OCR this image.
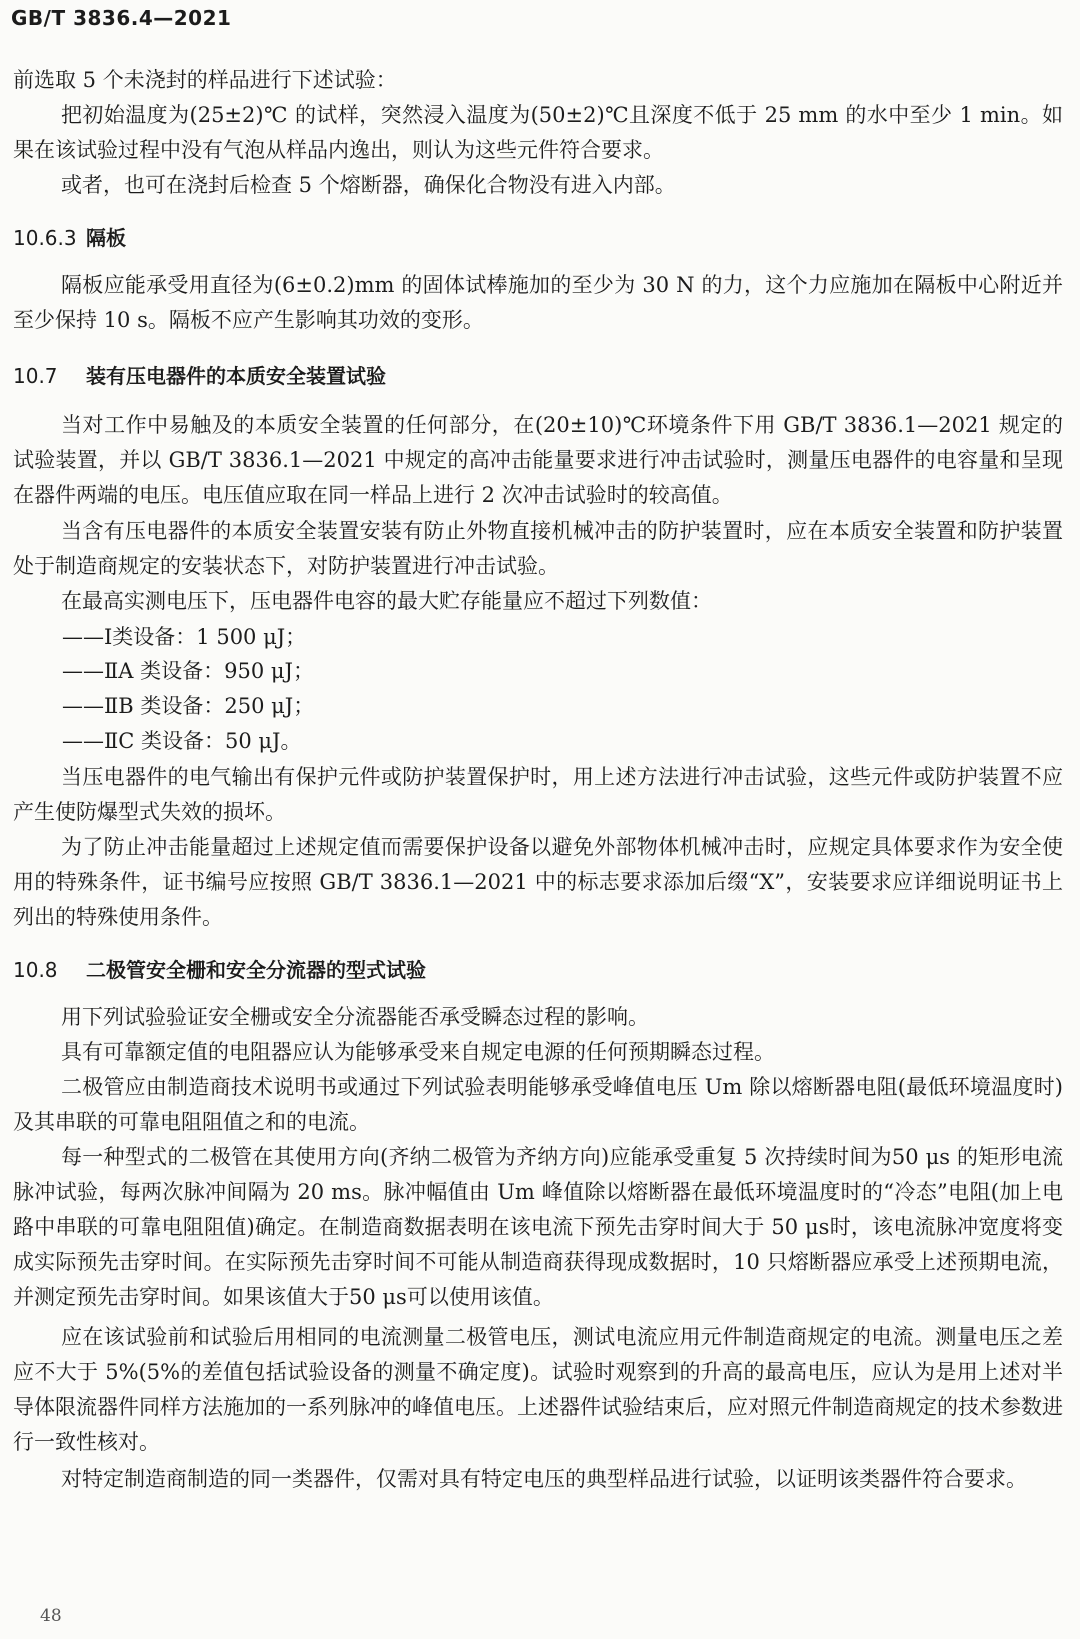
GB/T 3836.4—2021

前选取 5 个未浇封的样品进行下述试验：

把初始温度为(25±2)℃ 的试样，突然浸入温度为(50±2)℃且深度不低于 25 mm 的水中至少 1 min。如果在该试验过程中没有气泡从样品内逸出，则认为这些元件符合要求。

或者，也可在浇封后检查 5 个熔断器，确保化合物没有进入内部。

10.6.3 隔板

隔板应能承受用直径为(6±0.2)mm 的固体试棒施加的至少为 30 N 的力，这个力应施加在隔板中心附近并至少保持 10 s。隔板不应产生影响其功效的变形。

10.7 装有压电器件的本质安全装置试验

当对工作中易触及的本质安全装置的任何部分，在(20±10)℃环境条件下用 GB/T 3836.1—2021 规定的试验装置，并以 GB/T 3836.1—2021 中规定的高冲击能量要求进行冲击试验时，测量压电器件的电容量和呈现在器件两端的电压。电压值应取在同一样品上进行 2 次冲击试验时的较高值。

当含有压电器件的本质安全装置安装有防止外物直接机械冲击的防护装置时，应在本质安全装置和防护装置处于制造商规定的安装状态下，对防护装置进行冲击试验。

在最高实测电压下，压电器件电容的最大贮存能量应不超过下列数值：

——Ⅰ类设备：1 500 μJ；
——ⅡA 类设备：950 μJ；
——ⅡB 类设备：250 μJ；
——ⅡC 类设备：50 μJ。

当压电器件的电气输出有保护元件或防护装置保护时，用上述方法进行冲击试验，这些元件或防护装置不应产生使防爆型式失效的损坏。

为了防止冲击能量超过上述规定值而需要保护设备以避免外部物体机械冲击时，应规定具体要求作为安全使用的特殊条件，证书编号应按照 GB/T 3836.1—2021 中的标志要求添加后缀“X”，安装要求应详细说明证书上列出的特殊使用条件。

10.8 二极管安全栅和安全分流器的型式试验

用下列试验验证安全栅或安全分流器能否承受瞬态过程的影响。

具有可靠额定值的电阻器应认为能够承受来自规定电源的任何预期瞬态过程。

二极管应由制造商技术说明书或通过下列试验表明能够承受峰值电压 Um 除以熔断器电阻(最低环境温度时)及其串联的可靠电阻阻值之和的电流。

每一种型式的二极管在其使用方向(齐纳二极管为齐纳方向)应能承受重复 5 次持续时间为50 μs 的矩形电流脉冲试验，每两次脉冲间隔为 20 ms。脉冲幅值由 Um 峰值除以熔断器在最低环境温度时的“冷态”电阻(加上电路中串联的可靠电阻阻值)确定。在制造商数据表明在该电流下预先击穿时间大于 50 μs时，该电流脉冲宽度将变成实际预先击穿时间。在实际预先击穿时间不可能从制造商获得现成数据时，10 只熔断器应承受上述预期电流，并测定预先击穿时间。如果该值大于50 μs可以使用该值。

应在该试验前和试验后用相同的电流测量二极管电压，测试电流应用元件制造商规定的电流。测量电压之差应不大于 5%(5%的差值包括试验设备的测量不确定度)。试验时观察到的升高的最高电压，应认为是用上述对半导体限流器件同样方法施加的一系列脉冲的峰值电压。上述器件试验结束后，应对照元件制造商规定的技术参数进行一致性核对。

对特定制造商制造的同一类器件，仅需对具有特定电压的典型样品进行试验，以证明该类器件符合要求。

48
